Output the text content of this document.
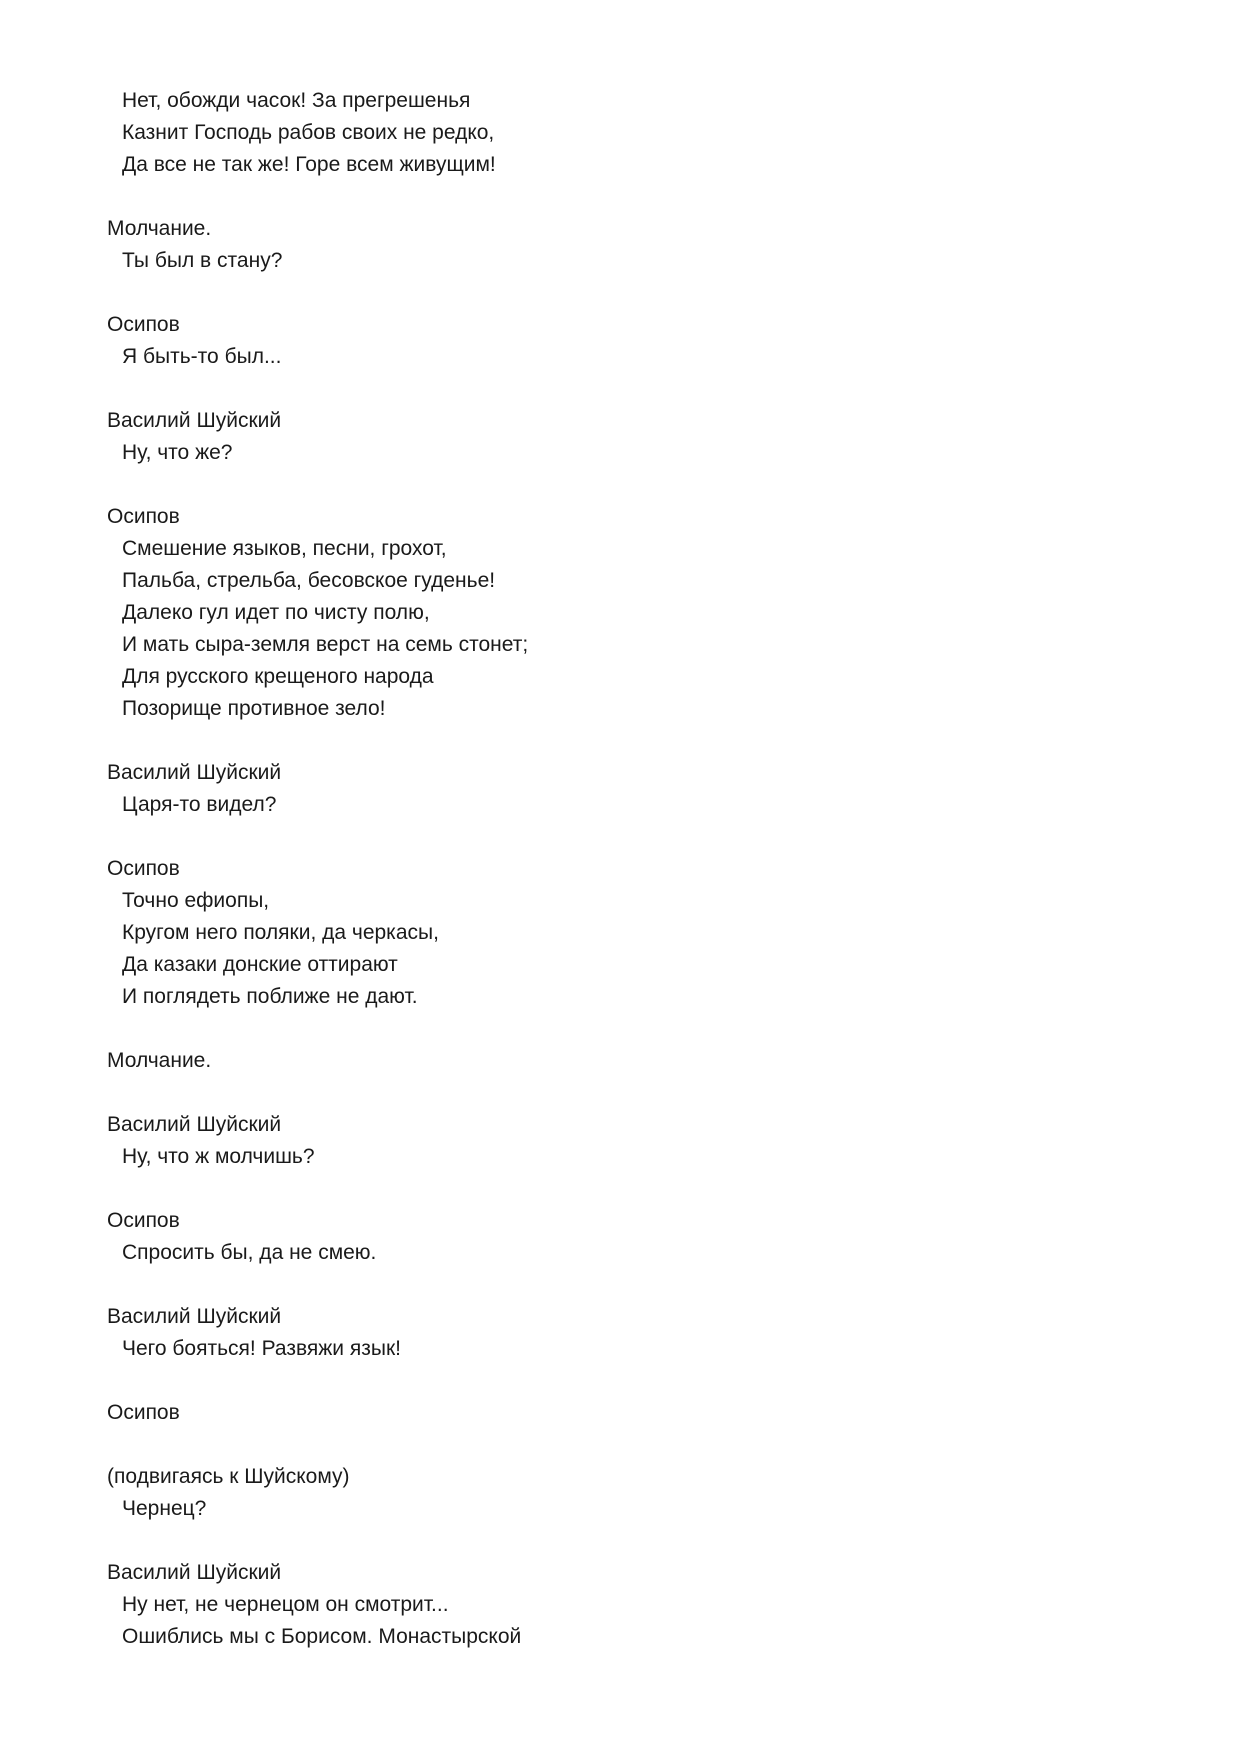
Нет, обожди часок! За прегрешенья
Казнит Господь рабов своих не редко,
Да все не так же! Горе всем живущим!
Молчание.
Ты был в стану?
Осипов
Я быть-то был...
Василий Шуйский
Ну, что же?
Осипов
Смешение языков, песни, грохот,
Пальба, стрельба, бесовское гуденье!
Далеко гул идет по чисту полю,
И мать сыра-земля верст на семь стонет;
Для русского крещеного народа
Позорище противное зело!
Василий Шуйский
Царя-то видел?
Осипов
Точно ефиопы,
Кругом него поляки, да черкасы,
Да казаки донские оттирают
И поглядеть поближе не дают.
Молчание.
Василий Шуйский
Ну, что ж молчишь?
Осипов
Спросить бы, да не смею.
Василий Шуйский
Чего бояться! Развяжи язык!
Осипов
(подвигаясь к Шуйскому)
Чернец?
Василий Шуйский
Ну нет, не чернецом он смотрит...
Ошиблись мы с Борисом. Монастырской
